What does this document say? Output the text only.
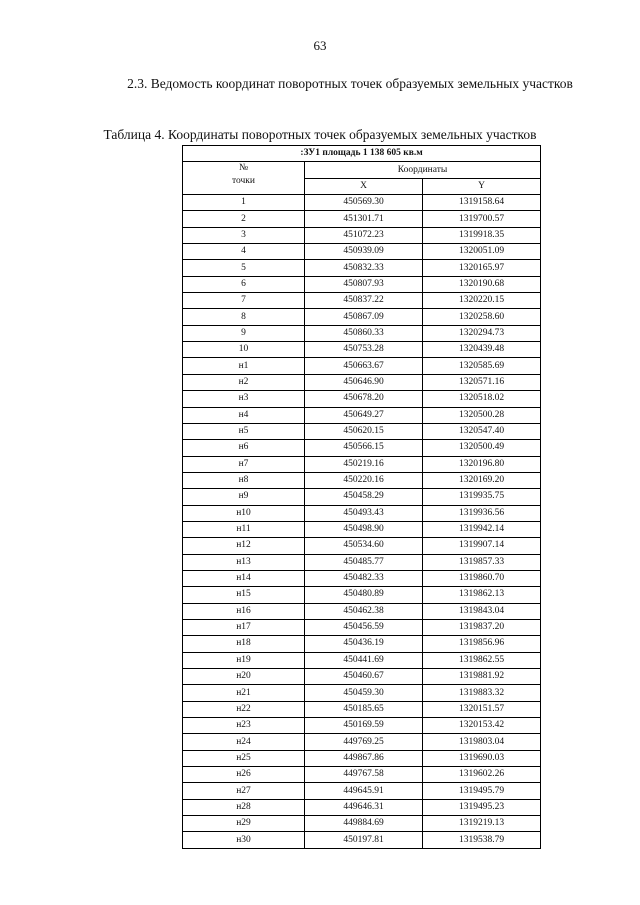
63
2.3. Ведомость координат поворотных точек образуемых земельных участков
Таблица 4. Координаты поворотных точек образуемых земельных участков
:ЗУ1 площадь 1 138 605 кв.м		
№
точки	Координаты	
	X	Y
1	450569.30	1319158.64
2	451301.71	1319700.57
3	451072.23	1319918.35
4	450939.09	1320051.09
5	450832.33	1320165.97
6	450807.93	1320190.68
7	450837.22	1320220.15
8	450867.09	1320258.60
9	450860.33	1320294.73
10	450753.28	1320439.48
н1	450663.67	1320585.69
н2	450646.90	1320571.16
н3	450678.20	1320518.02
н4	450649.27	1320500.28
н5	450620.15	1320547.40
н6	450566.15	1320500.49
н7	450219.16	1320196.80
н8	450220.16	1320169.20
н9	450458.29	1319935.75
н10	450493.43	1319936.56
н11	450498.90	1319942.14
н12	450534.60	1319907.14
н13	450485.77	1319857.33
н14	450482.33	1319860.70
н15	450480.89	1319862.13
н16	450462.38	1319843.04
н17	450456.59	1319837.20
н18	450436.19	1319856.96
н19	450441.69	1319862.55
н20	450460.67	1319881.92
н21	450459.30	1319883.32
н22	450185.65	1320151.57
н23	450169.59	1320153.42
н24	449769.25	1319803.04
н25	449867.86	1319690.03
н26	449767.58	1319602.26
н27	449645.91	1319495.79
н28	449646.31	1319495.23
н29	449884.69	1319219.13
н30	450197.81	1319538.79
